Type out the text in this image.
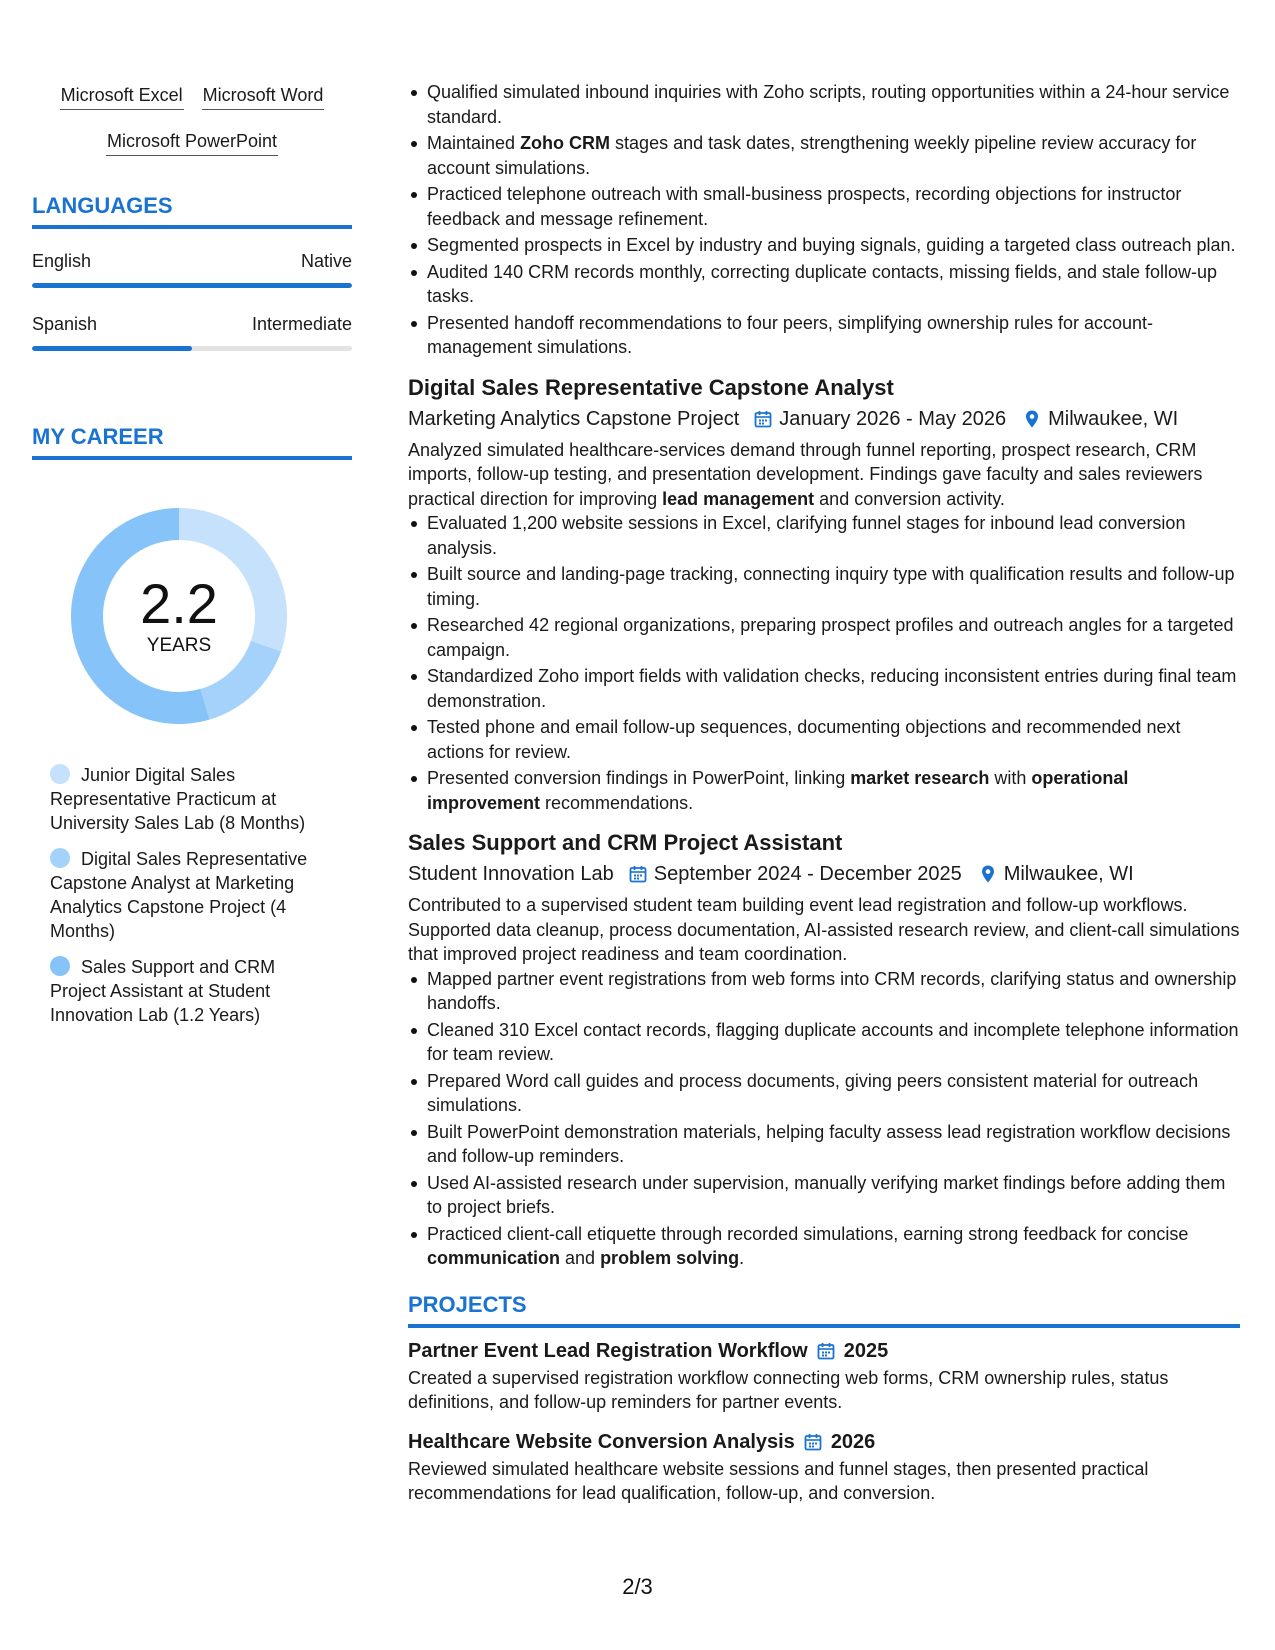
Microsoft Excel Microsoft Word
Microsoft PowerPoint
LANGUAGES
English	Native
Spanish	Intermediate
MY CAREER
2.2
YEARS
Junior Digital Sales Representative Practicum at University Sales Lab (8 Months)
Digital Sales Representative Capstone Analyst at Marketing Analytics Capstone Project (4 Months)
Sales Support and CRM Project Assistant at Student Innovation Lab (1.2 Years)
Qualified simulated inbound inquiries with Zoho scripts, routing opportunities within a 24-hour service standard.
Maintained Zoho CRM stages and task dates, strengthening weekly pipeline review accuracy for account simulations.
Practiced telephone outreach with small-business prospects, recording objections for instructor feedback and message refinement.
Segmented prospects in Excel by industry and buying signals, guiding a targeted class outreach plan.
Audited 140 CRM records monthly, correcting duplicate contacts, missing fields, and stale follow-up tasks.
Presented handoff recommendations to four peers, simplifying ownership rules for account-management simulations.
Digital Sales Representative Capstone Analyst
Marketing Analytics Capstone Project January 2026 - May 2026 Milwaukee, WI
Analyzed simulated healthcare-services demand through funnel reporting, prospect research, CRM imports, follow-up testing, and presentation development. Findings gave faculty and sales reviewers practical direction for improving lead management and conversion activity.
Evaluated 1,200 website sessions in Excel, clarifying funnel stages for inbound lead conversion analysis.
Built source and landing-page tracking, connecting inquiry type with qualification results and follow-up timing.
Researched 42 regional organizations, preparing prospect profiles and outreach angles for a targeted campaign.
Standardized Zoho import fields with validation checks, reducing inconsistent entries during final team demonstration.
Tested phone and email follow-up sequences, documenting objections and recommended next actions for review.
Presented conversion findings in PowerPoint, linking market research with operational improvement recommendations.
Sales Support and CRM Project Assistant
Student Innovation Lab September 2024 - December 2025 Milwaukee, WI
Contributed to a supervised student team building event lead registration and follow-up workflows. Supported data cleanup, process documentation, AI-assisted research review, and client-call simulations that improved project readiness and team coordination.
Mapped partner event registrations from web forms into CRM records, clarifying status and ownership handoffs.
Cleaned 310 Excel contact records, flagging duplicate accounts and incomplete telephone information for team review.
Prepared Word call guides and process documents, giving peers consistent material for outreach simulations.
Built PowerPoint demonstration materials, helping faculty assess lead registration workflow decisions and follow-up reminders.
Used AI-assisted research under supervision, manually verifying market findings before adding them to project briefs.
Practiced client-call etiquette through recorded simulations, earning strong feedback for concise communication and problem solving.
PROJECTS
Partner Event Lead Registration Workflow 2025
Created a supervised registration workflow connecting web forms, CRM ownership rules, status definitions, and follow-up reminders for partner events.
Healthcare Website Conversion Analysis 2026
Reviewed simulated healthcare website sessions and funnel stages, then presented practical recommendations for lead qualification, follow-up, and conversion.
2/3
